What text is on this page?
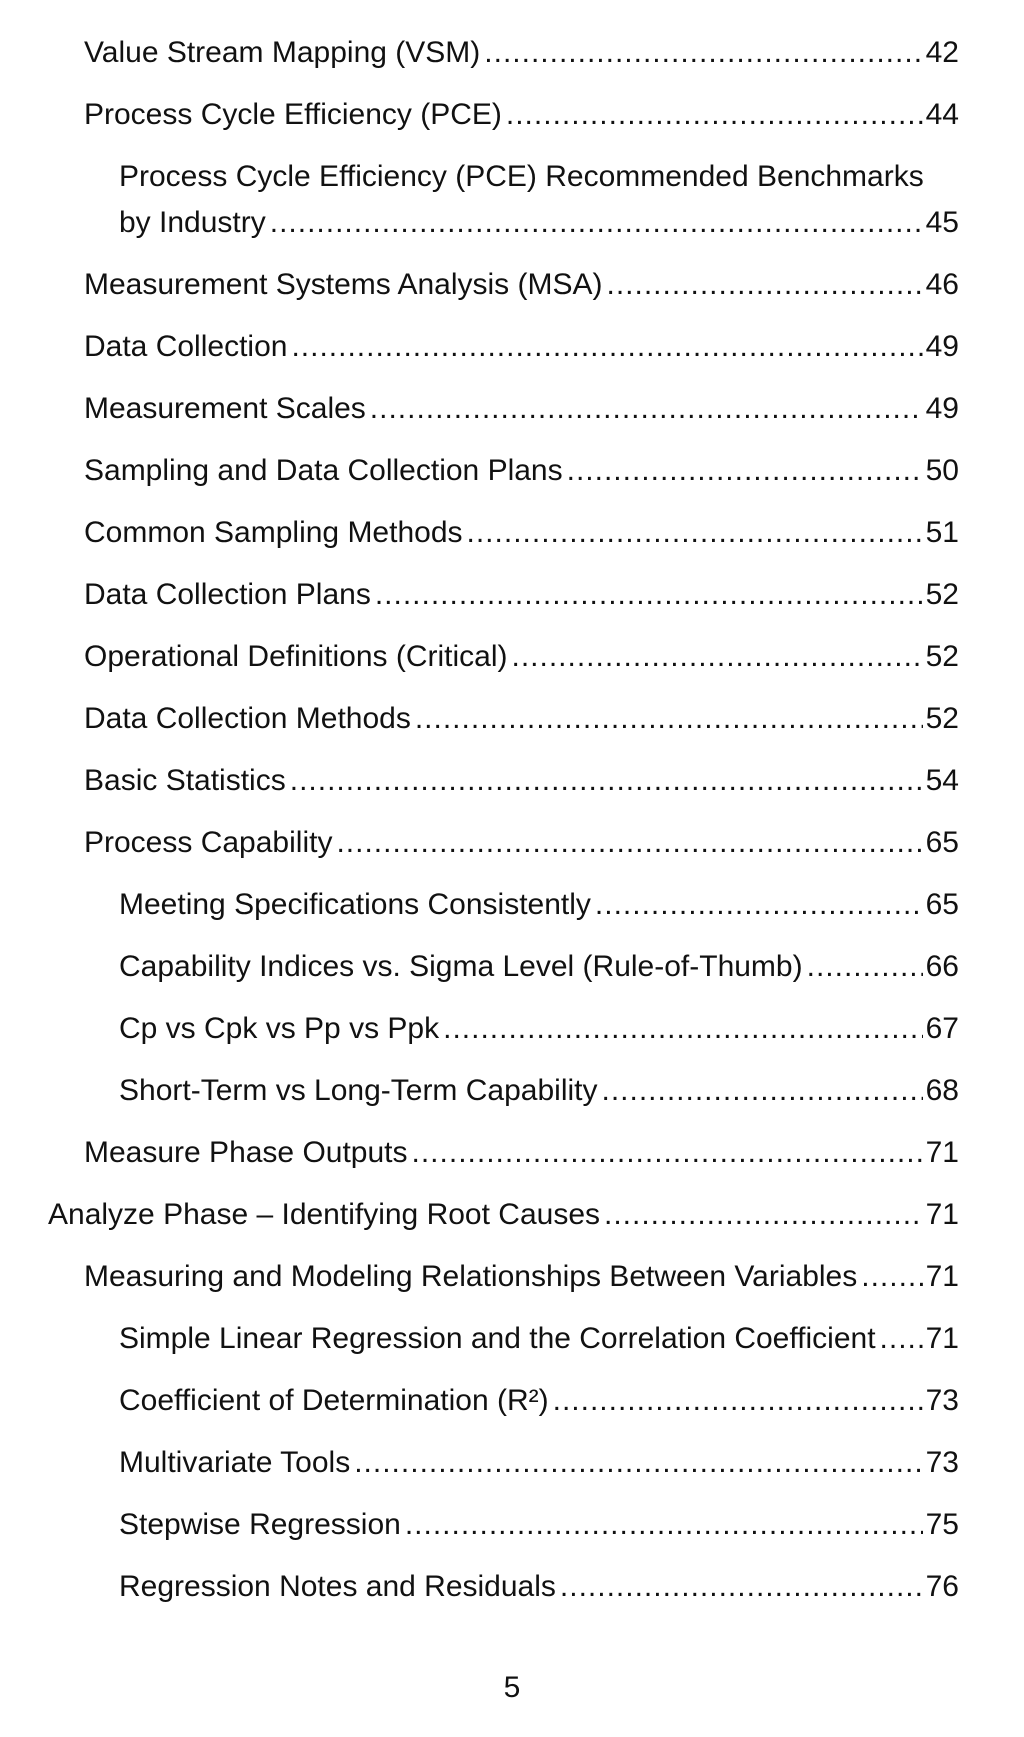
Value Stream Mapping (VSM) .....	42
Process Cycle Efficiency (PCE) .....	44
Process Cycle Efficiency (PCE) Recommended Benchmarks
by Industry .....	45
Measurement Systems Analysis (MSA) .....	46
Data Collection .....	49
Measurement Scales .....	49
Sampling and Data Collection Plans .....	50
Common Sampling Methods .....	51
Data Collection Plans .....	52
Operational Definitions (Critical) .....	52
Data Collection Methods .....	52
Basic Statistics .....	54
Process Capability .....	65
Meeting Specifications Consistently .....	65
Capability Indices vs. Sigma Level (Rule-of-Thumb) .....	66
Cp vs Cpk vs Pp vs Ppk .....	67
Short-Term vs Long-Term Capability .....	68
Measure Phase Outputs .....	71
Analyze Phase – Identifying Root Causes .....	71
Measuring and Modeling Relationships Between Variables ..... 71
Simple Linear Regression and the Correlation Coefficient ..... 71
Coefficient of Determination (R²) .....	73
Multivariate Tools .....	73
Stepwise Regression .....	75
Regression Notes and Residuals .....	76
5
